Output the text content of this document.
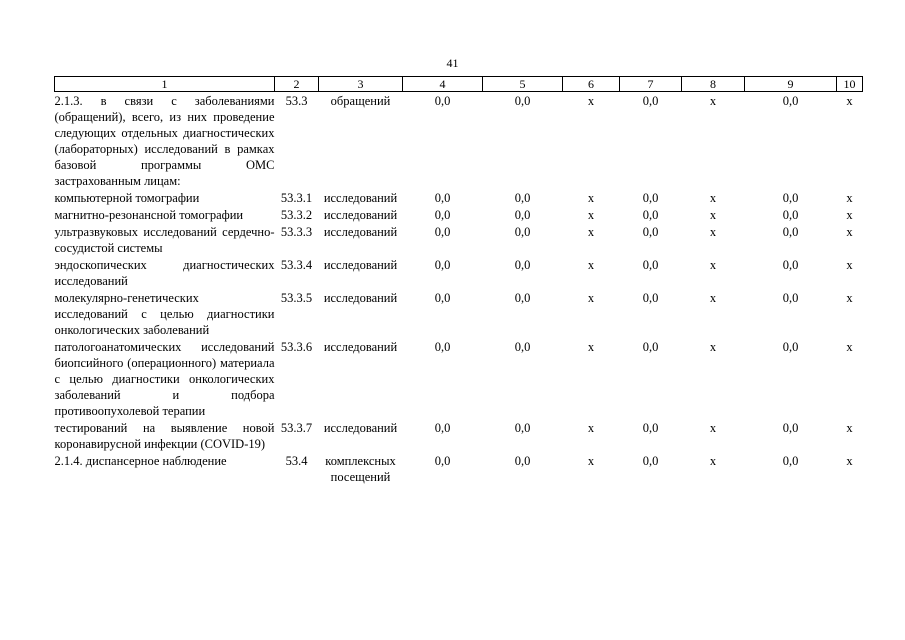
41
1	2	3	4	5	6	7	8	9	10
2.1.3. в связи с заболеваниями (обращений), всего, из них проведение следующих отдельных диагностических (лабораторных) исследований в рамках базовой программы ОМС застрахованным лицам:	53.3	обращений	0,0	0,0	x	0,0	x	0,0	x
компьютерной томографии	53.3.1	исследований	0,0	0,0	x	0,0	x	0,0	x
магнитно-резонансной томографии	53.3.2	исследований	0,0	0,0	x	0,0	x	0,0	x
ультразвуковых исследований сердечно-сосудистой системы	53.3.3	исследований	0,0	0,0	x	0,0	x	0,0	x
эндоскопических диагностических исследований	53.3.4	исследований	0,0	0,0	x	0,0	x	0,0	x
молекулярно-генетических исследований с целью диагностики онкологических заболеваний	53.3.5	исследований	0,0	0,0	x	0,0	x	0,0	x
патологоанатомических исследований биопсийного (операционного) материала с целью диагностики онкологических заболеваний и подбора противоопухолевой терапии	53.3.6	исследований	0,0	0,0	x	0,0	x	0,0	x
тестирований на выявление новой коронавирусной инфекции (COVID-19)	53.3.7	исследований	0,0	0,0	x	0,0	x	0,0	x
2.1.4. диспансерное наблюдение	53.4	комплексных посещений	0,0	0,0	x	0,0	x	0,0	x
